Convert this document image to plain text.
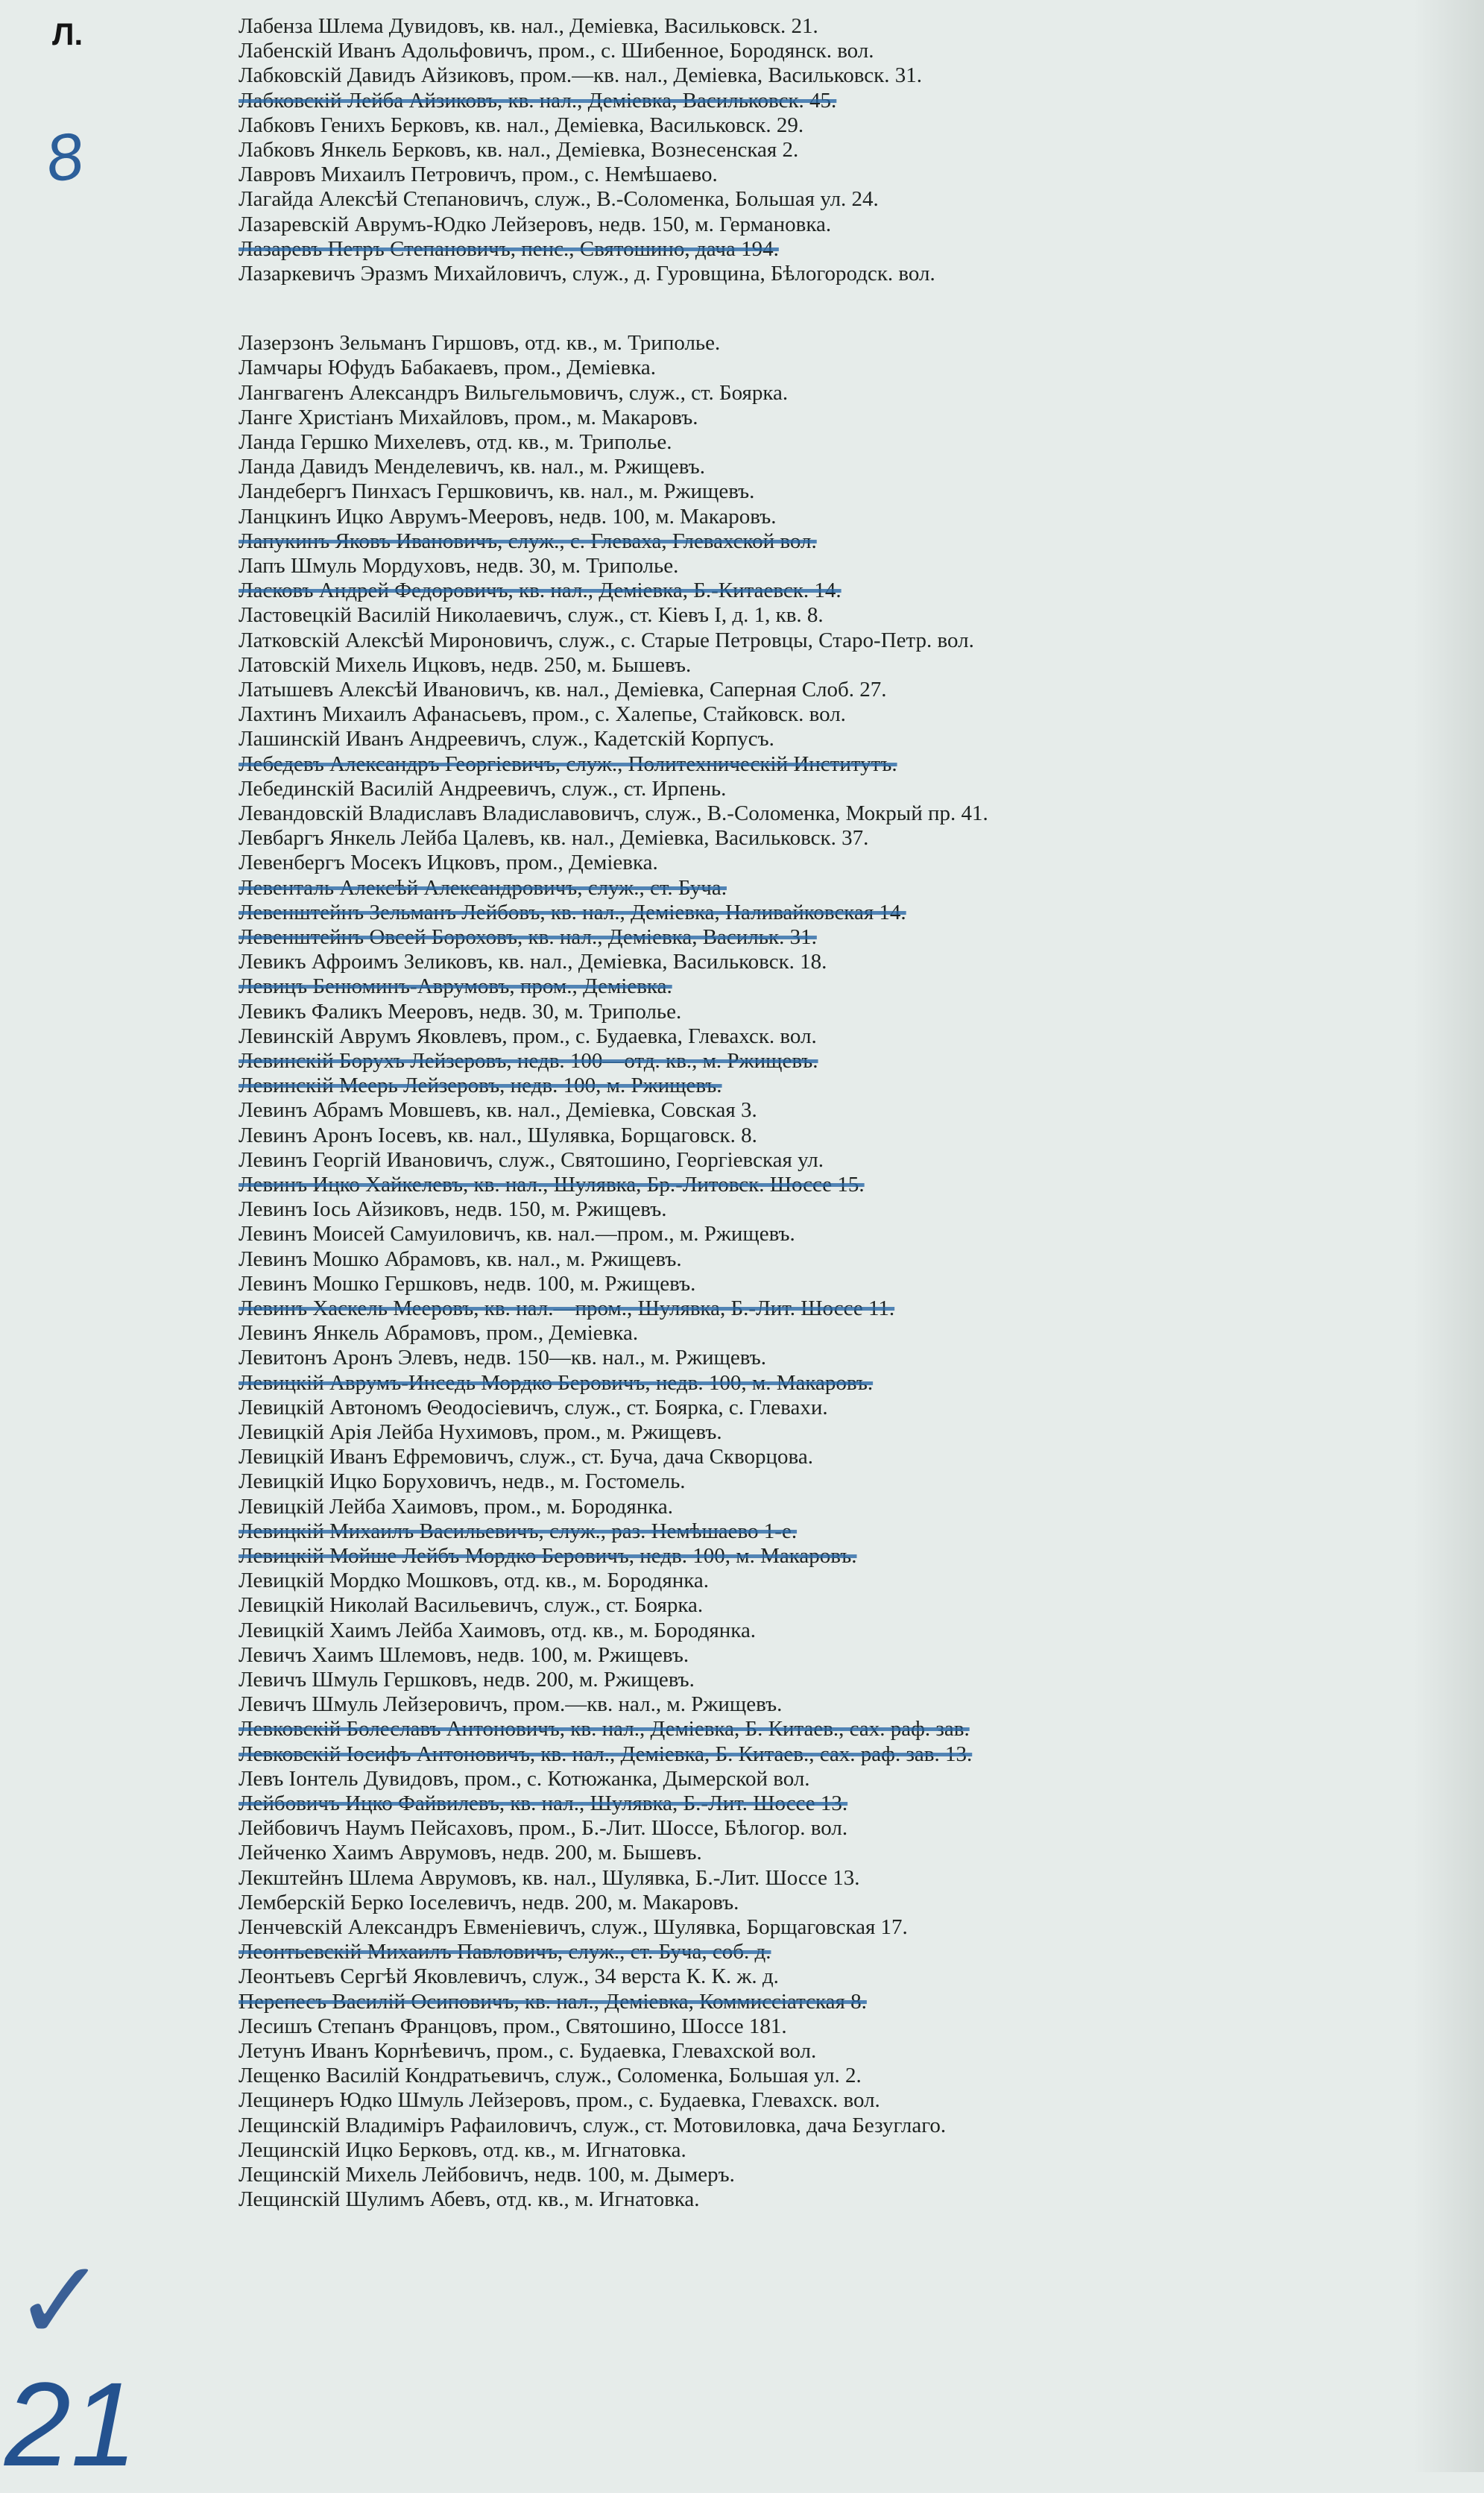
Л.	Лабенза Шлема Дувидовъ, кв. нал., Демiевка, Васильковск. 21.
Лабенскiй Иванъ Адольфовичъ, пром., с. Шибенное, Бородянск. вол.
Лабковскiй Давидъ Айзиковъ, пром.—кв. нал., Демiевка, Васильковск. 31.
Лабковскiй Лейба Айзиковъ, кв. нал., Демiевка, Васильковск. 45.
Лабковъ Генихъ Берковъ, кв. нал., Демiевка, Васильковск. 29.
Лабковъ Янкель Берковъ, кв. нал., Демiевка, Вознесенская 2.
Лавровъ Михаилъ Петровичъ, пром., с. Немѣшаево.
Лагайда Алексѣй Степановичъ, служ., В.-Соломенка, Большая ул. 24.
Лазаревскiй Аврумъ-Юдко Лейзеровъ, недв. 150, м. Германовка.
Лазаревъ Петръ Степановичъ, пенс., Святошино, дача 194.
Лазаркевичъ Эразмъ Михайловичъ, служ., д. Гуровщина, Бѣлогородск. вол.
Лазерзонъ Зельманъ Гиршовъ, отд. кв., м. Триполье.
Ламчары Юфудъ Бабакаевъ, пром., Демiевка.
Лангвагенъ Александръ Вильгельмовичъ, служ., ст. Боярка.
Ланге Христiанъ Михайловъ, пром., м. Макаровъ.
Ланда Гершко Михелевъ, отд. кв., м. Триполье.
Ланда Давидъ Менделевичъ, кв. нал., м. Ржищевъ.
Ландебергъ Пинхасъ Гершковичъ, кв. нал., м. Ржищевъ.
Ланцкинъ Ицко Аврумъ-Мееровъ, недв. 100, м. Макаровъ.
Лапукинъ Яковъ Ивановичъ, служ., с. Глеваха, Глевахской вол.
Лапъ Шмуль Мордуховъ, недв. 30, м. Триполье.
Ласковъ Андрей Федоровичъ, кв. нал., Демiевка, Б.-Китаевск. 14.
Ластовецкiй Василiй Николаевичъ, служ., ст. Кiевъ I, д. 1, кв. 8.
Латковскiй Алексѣй Мироновичъ, служ., с. Старые Петровцы, Старо-Петр. вол.
Латовскiй Михель Ицковъ, недв. 250, м. Бышевъ.
Латышевъ Алексѣй Ивановичъ, кв. нал., Демiевка, Саперная Слоб. 27.
Лахтинъ Михаилъ Афанасьевъ, пром., с. Халепье, Стайковск. вол.
Лашинскiй Иванъ Андреевичъ, служ., Кадетскiй Корпусъ.
Лебедевъ Александръ Георгiевичъ, служ., Политехническiй Институтъ.
Лебединскiй Василiй Андреевичъ, служ., ст. Ирпень.
Левандовскiй Владиславъ Владиславовичъ, служ., В.-Соломенка, Мокрый пр. 41.
Левбаргъ Янкель Лейба Цалевъ, кв. нал., Демiевка, Васильковск. 37.
Левенбергъ Мосекъ Ицковъ, пром., Демiевка.
Левенталь Алексѣй Александровичъ, служ., ст. Буча.
Левенштейнъ Зельманъ Лейбовъ, кв. нал., Демiевка, Наливайковская 14.
Левенштейнъ Овсей Бороховъ, кв. нал., Демiевка, Васильк. 31.
Левикъ Афроимъ Зеликовъ, кв. нал., Демiевка, Васильковск. 18.
Левицъ Бенюминъ-Аврумовъ, пром., Демiевка.
Левикъ Фаликъ Мееровъ, недв. 30, м. Триполье.
Левинскiй Аврумъ Яковлевъ, пром., с. Будаевка, Глевахск. вол.
Левинскiй Борухъ Лейзеровъ, недв. 100—отд. кв., м. Ржищевъ.
Левинскiй Меерь Лейзеровъ, недв. 100, м. Ржищевъ.
Левинъ Абрамъ Мовшевъ, кв. нал., Демiевка, Совская 3.
Левинъ Аронъ Iосевъ, кв. нал., Шулявка, Борщаговск. 8.
Левинъ Георгiй Ивановичъ, служ., Святошино, Георгiевская ул.
Левинъ Ицко Хайкелевъ, кв. нал., Шулявка, Бр.-Литовск. Шоссе 15.
Левинъ Iось Айзиковъ, недв. 150, м. Ржищевъ.
Левинъ Моисей Самуиловичъ, кв. нал.—пром., м. Ржищевъ.
Левинъ Мошко Абрамовъ, кв. нал., м. Ржищевъ.
Левинъ Мошко Гершковъ, недв. 100, м. Ржищевъ.
Левинъ Хаскель Мееровъ, кв. нал.—пром., Шулявка, Б.-Лит. Шоссе 11.
Левинъ Янкель Абрамовъ, пром., Демiевка.
Левитонъ Аронъ Элевъ, недв. 150—кв. нал., м. Ржищевъ.
Левицкiй Аврумъ-Инседь Мордко Беровичъ, недв. 100, м. Макаровъ.
Левицкiй Автономъ Θеодосiевичъ, служ., ст. Боярка, с. Глевахи.
Левицкiй Арiя Лейба Нухимовъ, пром., м. Ржищевъ.
Левицкiй Иванъ Ефремовичъ, служ., ст. Буча, дача Скворцова.
Левицкiй Ицко Боруховичъ, недв., м. Гостомель.
Левицкiй Лейба Хаимовъ, пром., м. Бородянка.
Левицкiй Михаилъ Васильевичъ, служ., раз. Немѣшаево 1-е.
Левицкiй Мойше Лейбъ Мордко Беровичъ, недв. 100, м. Макаровъ.
Левицкiй Мордко Мошковъ, отд. кв., м. Бородянка.
Левицкiй Николай Васильевичъ, служ., ст. Боярка.
Левицкiй Хаимъ Лейба Хаимовъ, отд. кв., м. Бородянка.
Левичъ Хаимъ Шлемовъ, недв. 100, м. Ржищевъ.
Левичъ Шмуль Гершковъ, недв. 200, м. Ржищевъ.
Левичъ Шмуль Лейзеровичъ, пром.—кв. нал., м. Ржищевъ.
Левковскiй Болеславъ Антоновичъ, кв. нал., Демiевка, Б. Китаев., сах. раф. зав.
Левковскiй Iосифъ Антоновичъ, кв. нал., Демiевка, Б. Китаев., сах. раф. зав. 13.
Левъ Iонтель Дувидовъ, пром., с. Котюжанка, Дымерской вол.
Лейбовичъ Ицко Файвилевъ, кв. нал., Шулявка, Б.-Лит. Шоссе 13.
Лейбовичъ Наумъ Пейсаховъ, пром., Б.-Лит. Шоссе, Бѣлогор. вол.
Лейченко Хаимъ Аврумовъ, недв. 200, м. Бышевъ.
Лекштейнъ Шлема Аврумовъ, кв. нал., Шулявка, Б.-Лит. Шоссе 13.
Лемберскiй Берко Iоселевичъ, недв. 200, м. Макаровъ.
Ленчевскiй Александръ Евменiевичъ, служ., Шулявка, Борщаговская 17.
Леонтьевскiй Михаилъ Павловичъ, служ., ст. Буча, соб. д.
Леонтьевъ Сергѣй Яковлевичъ, служ., 34 верста К. К. ж. д.
Перепесъ Василiй Осиповичъ, кв. нал., Демiевка, Коммиссiатская 8.
Лесишъ Степанъ Францовъ, пром., Святошино, Шоссе 181.
Летунъ Иванъ Корнѣевичъ, пром., с. Будаевка, Глевахской вол.
Лещенко Василiй Кондратьевичъ, служ., Соломенка, Большая ул. 2.
Лещинеръ Юдко Шмуль Лейзеровъ, пром., с. Будаевка, Глевахск. вол.
Лещинскiй Владимiръ Рафаиловичъ, служ., ст. Мотовиловка, дача Безуглаго.
Лещинскiй Ицко Берковъ, отд. кв., м. Игнатовка.
Лещинскiй Михель Лейбовичъ, недв. 100, м. Дымеръ.
Лещинскiй Шулимъ Абевъ, отд. кв., м. Игнатовка.
8
✓
21
